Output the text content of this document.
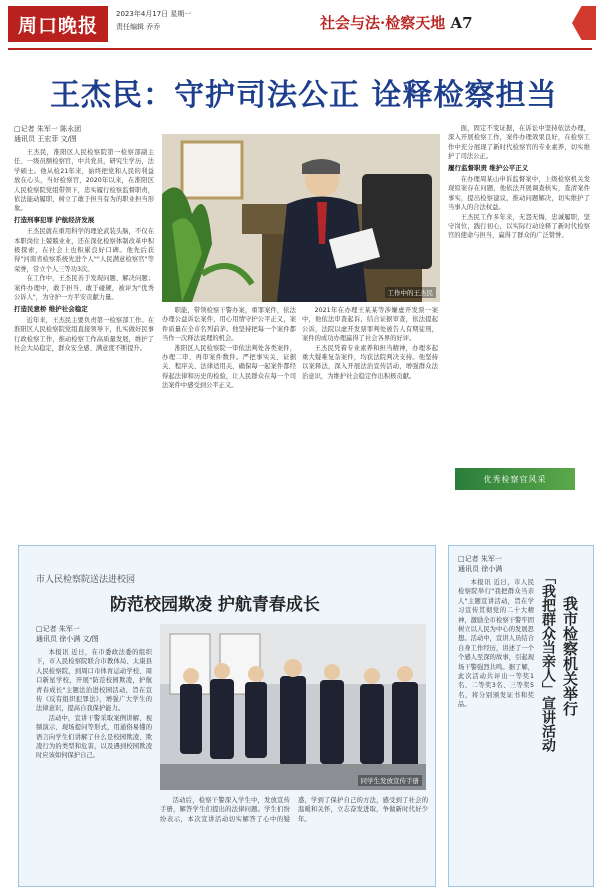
周口晚报
2023年4月17日 星期一
责任编辑 乔乔	社会与法·检察天地 A7
王杰民：守护司法公正 诠释检察担当
□记者 朱军一 陈永团
通讯员 王宏菲 文/图

王杰民，淮阳区人民检察院第一检察部副主任、一级员额检察官，中共党员，研究生学历，法学硕士。他从检21年来，始终把党和人民的利益放在心头，当好检察官，2020年以来，在淮阳区人民检察院党组带领下，忠实履行检察监督职责，依法能动履职，树立了敢于担当有为的职业担当形象。

打造刑事犯罪 护航经济发展

王杰民就在重用科学的理论武装头脑，不仅在本职岗位上兢兢业业，还在深化检察体制改革中积极探索，在社会上也积累良好口碑。他先后获得"河南省检察系统先进个人""人民满意检察官"等荣誉，常立个人三等功3次。

在工作中，王杰民善于发现问题、解决问题；案件办理中，敢于担当、敢于碰硬，被评为"优秀公诉人"，为守护一方平安贡献力量。

打造民意桥 维护社会稳定

近年来，王杰民主要负责第一检察部工作。在淮阳区人民检察院党组直接领导下，扎实做好民事行政检察工作，推动检察工作高质量发展，维护了社会大局稳定，群众安全感、满意度不断提升。

工作中的王杰民

职能，带领检察干警办案，重罪案件，依法办理公益诉讼案件，用心用情守护公平正义，案件质量在全市名列前茅。他坚持把每一个案件都当作一次释法说理的机会。

淮阳区人民检察院一审依法判处各类案件，办理二审、再审案件数件。严把事实关、证据关、程序关、法律适用关，确保每一起案件都经得起法律和历史的检验，让人民群众在每一个司法案件中感受到公平正义。

2021年在办理王某某等涉嫌虚开发票一案中，他依法审查起诉，结合证据审查，依法提起公诉，法院以虚开发票罪判处被告人有期徒刑，案件的成功办理赢得了社会各界的好评。

王杰民凭着专业素养和担当精神，办理多起重大疑难复杂案件，均获法院判决支持。他坚持以案释法，深入开展法治宣传活动，增强群众法治意识，为维护社会稳定作出积极贡献。

面，固定不变证据，在诉讼中坚持依法办理，深入开展检察工作，案件办理效果良好，在检察工作中充分展现了新时代检察官的专业素养，切实维护了司法公正。

履行监督职责 维护公平正义

在办理周某山申诉监督案中，上级检察机关发现原案存在问题，他依法开展调查核实，查清案件事实，提出检察建议，推动问题解决，切实维护了当事人的合法权益。

王杰民工作多年来，无怨无悔，忠诚履职，坚守岗位，践行初心，以实际行动诠释了新时代检察官的使命与担当，赢得了群众的广泛赞誉。

优秀检察官风采
市人民检察院送法进校园
防范校园欺凌 护航青春成长
□记者 朱军一
通讯员 徐小满 文/图

本报讯 近日，在市委政法委的组织下，市人民检察院联合市教体局、太康县人民检察院，到周口市体育运动学校、周口新星学校，开展"防范校园欺凌，护航青春成长"主题法治进校园活动，旨在宣传《反有组织犯罪法》，增强广大学生的法律意识，提高自我保护能力。

活动中，宣讲干警采取案例讲解、视频演示、现场提问等形式，用通俗易懂的语言向学生们讲解了什么是校园欺凌、欺凌行为的类型和危害，以及遇到校园欺凌时应该如何保护自己。

同学生发放宣传手册

活动后，检察干警深入学生中，发放宣传手册，解答学生们提出的法律问题。学生们纷纷表示，本次宣讲活动切实解答了心中的疑惑，学到了保护自己的方法，感受到了社会的温暖和关怀，立志奋发进取，争做新时代好少年。

□记者 朱军一
通讯员 徐小满
我市检察机关举行
「我把群众当亲人」宣讲活动

本报讯 近日，市人民检察院举行"我把群众当亲人"主题宣讲活动，旨在学习宣传贯彻党的二十大精神，激励全市检察干警牢固树立以人民为中心的发展思想。活动中，宣讲人员结合自身工作经历，讲述了一个个感人至深的故事，引起现场干警强烈共鸣。据了解，此次活动共评出一等奖1名、二等奖3名、三等奖5名，将分别颁发证书和奖品。
